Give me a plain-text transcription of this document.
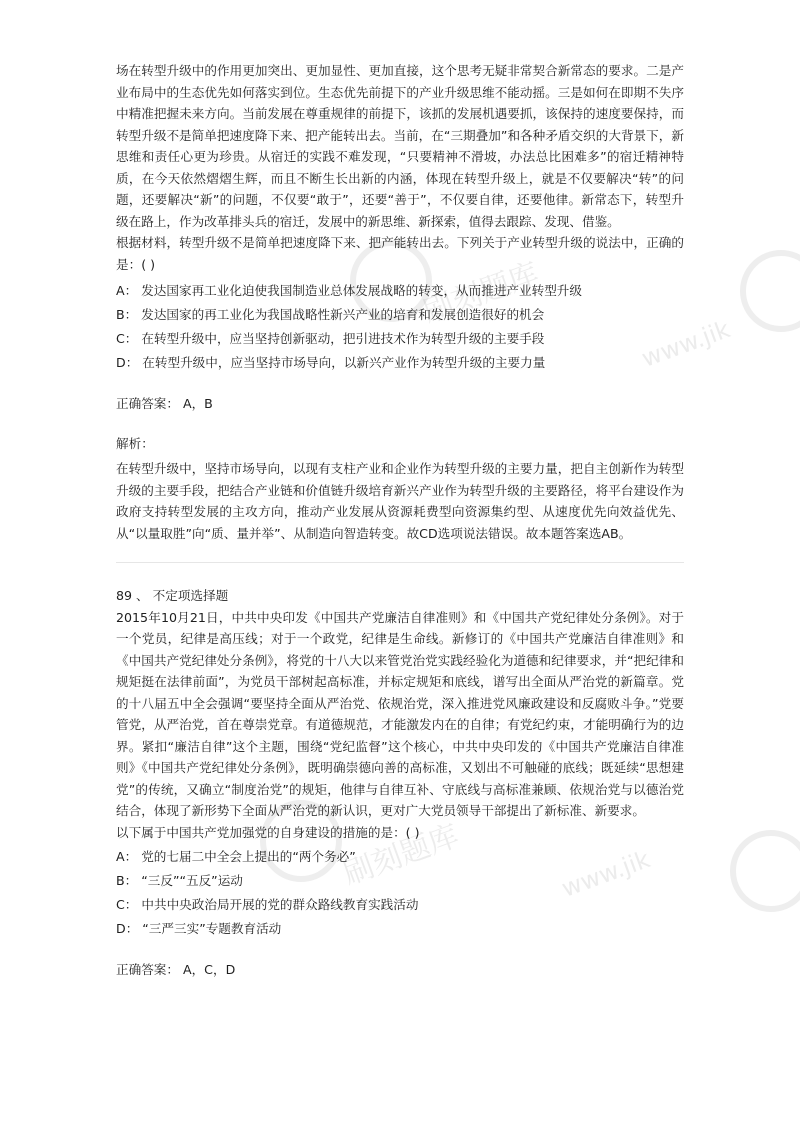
刷刻题库
www.jik
刷刻题库	www.jik

场在转型升级中的作用更加突出、更加显性、更加直接，这个思考无疑非常契合新常态的要求。二是产业布局中的生态优先如何落实到位。生态优先前提下的产业升级思维不能动摇。三是如何在即期不失序中精准把握未来方向。当前发展在尊重规律的前提下，该抓的发展机遇要抓，该保持的速度要保持，而转型升级不是简单把速度降下来、把产能转出去。当前，在“三期叠加”和各种矛盾交织的大背景下，新思维和责任心更为珍贵。从宿迁的实践不难发现，“只要精神不滑坡，办法总比困难多”的宿迁精神特质，在今天依然熠熠生辉，而且不断生长出新的内涵，体现在转型升级上，就是不仅要解决“转”的问题，还要解决“新”的问题，不仅要“敢于”，还要“善于”，不仅要自律，还要他律。新常态下，转型升级在路上，作为改革排头兵的宿迁，发展中的新思维、新探索，值得去跟踪、发现、借鉴。

根据材料，转型升级不是简单把速度降下来、把产能转出去。下列关于产业转型升级的说法中，正确的是：( )

A： 发达国家再工业化迫使我国制造业总体发展战略的转变，从而推进产业转型升级

B： 发达国家的再工业化为我国战略性新兴产业的培育和发展创造很好的机会

C： 在转型升级中，应当坚持创新驱动，把引进技术作为转型升级的主要手段

D： 在转型升级中，应当坚持市场导向，以新兴产业作为转型升级的主要力量

正确答案： A，B

解析：

在转型升级中，坚持市场导向，以现有支柱产业和企业作为转型升级的主要力量，把自主创新作为转型升级的主要手段，把结合产业链和价值链升级培育新兴产业作为转型升级的主要路径，将平台建设作为政府支持转型发展的主攻方向，推动产业发展从资源耗费型向资源集约型、从速度优先向效益优先、从“以量取胜”向“质、量并举”、从制造向智造转变。故CD选项说法错误。故本题答案选AB。

89 、 不定项选择题

2015年10月21日，中共中央印发《中国共产党廉洁自律准则》和《中国共产党纪律处分条例》。对于一个党员，纪律是高压线；对于一个政党，纪律是生命线。新修订的《中国共产党廉洁自律准则》和《中国共产党纪律处分条例》，将党的十八大以来管党治党实践经验化为道德和纪律要求，并“把纪律和规矩挺在法律前面”，为党员干部树起高标准，并标定规矩和底线，谱写出全面从严治党的新篇章。党的十八届五中全会强调“要坚持全面从严治党、依规治党，深入推进党风廉政建设和反腐败斗争。”党要管党，从严治党，首在尊崇党章。有道德规范，才能激发内在的自律；有党纪约束，才能明确行为的边界。紧扣“廉洁自律”这个主题，围绕“党纪监督”这个核心，中共中央印发的《中国共产党廉洁自律准则》《中国共产党纪律处分条例》，既明确崇德向善的高标准，又划出不可触碰的底线；既延续“思想建党”的传统，又确立“制度治党”的规矩，他律与自律互补、守底线与高标准兼顾、依规治党与以德治党结合，体现了新形势下全面从严治党的新认识，更对广大党员领导干部提出了新标准、新要求。

以下属于中国共产党加强党的自身建设的措施的是：( )

A： 党的七届二中全会上提出的“两个务必”

B： “三反”“五反”运动

C： 中共中央政治局开展的党的群众路线教育实践活动

D： “三严三实”专题教育活动

正确答案： A，C，D
